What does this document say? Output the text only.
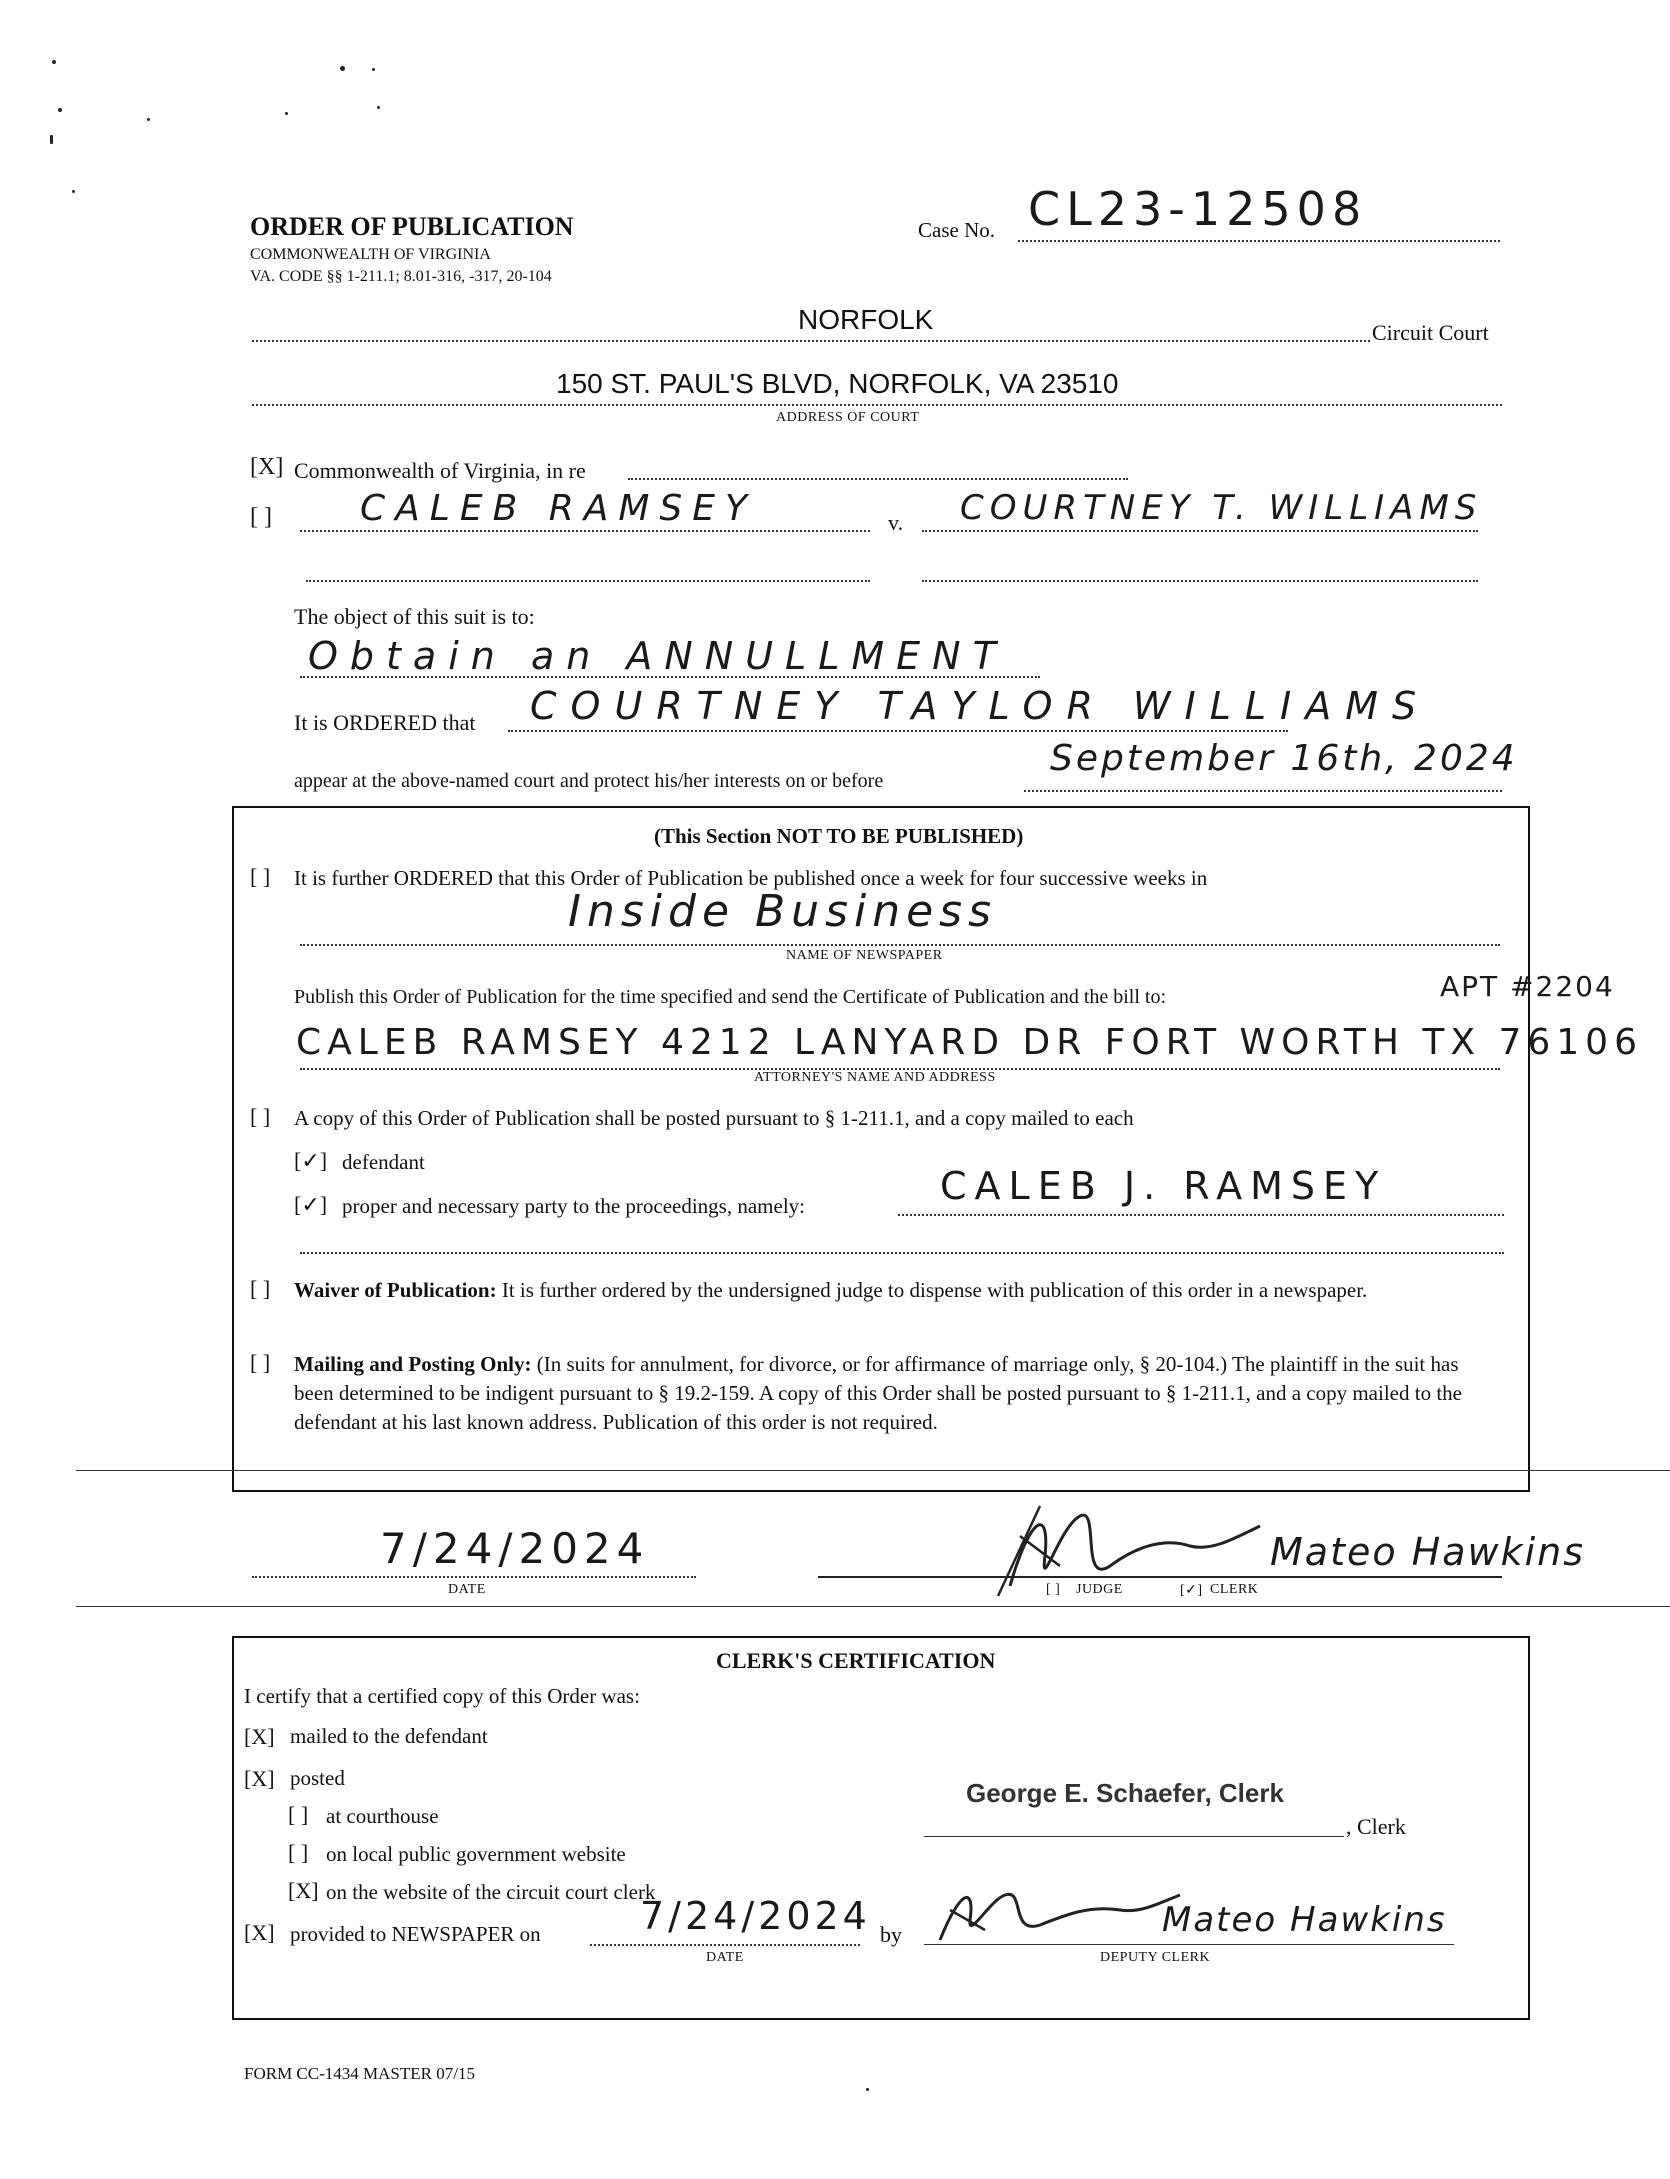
ORDER OF PUBLICATION
COMMONWEALTH OF VIRGINIA
VA. CODE §§ 1-211.1; 8.01-316, -317, 20-104
Case No. CL23-12508
NORFOLK	Circuit Court
150 ST. PAUL'S BLVD, NORFOLK, VA 23510
ADDRESS OF COURT
[X] Commonwealth of Virginia, in re
[ ] CALEB RAMSEY	v. COURTNEY T. WILLIAMS
The object of this suit is to:
Obtain an ANNULLMENT
It is ORDERED that COURTNEY TAYLOR WILLIAMS
appear at the above-named court and protect his/her interests on or before
September 16th, 2024
(This Section NOT TO BE PUBLISHED)
[ ] It is further ORDERED that this Order of Publication be published once a week for four successive weeks in
Inside Business
NAME OF NEWSPAPER
Publish this Order of Publication for the time specified and send the Certificate of Publication and the bill to:	APT #2204
CALEB RAMSEY 4212 LANYARD DR FORT WORTH TX 76106
ATTORNEY'S NAME AND ADDRESS
[ ] A copy of this Order of Publication shall be posted pursuant to § 1-211.1, and a copy mailed to each
[✓] defendant
[✓] proper and necessary party to the proceedings, namely:	CALEB J. RAMSEY
[ ] Waiver of Publication: It is further ordered by the undersigned judge to dispense with publication of this order in a newspaper.
[ ] Mailing and Posting Only: (In suits for annulment, for divorce, or for affirmance of marriage only, § 20-104.) The plaintiff in the suit has been determined to be indigent pursuant to § 19.2-159. A copy of this Order shall be posted pursuant to § 1-211.1, and a copy mailed to the defendant at his last known address. Publication of this order is not required.
7/24/2024
DATE
Mateo Hawkins
[ ] JUDGE	[✓] CLERK
CLERK'S CERTIFICATION
I certify that a certified copy of this Order was:
[X] mailed to the defendant
[X] posted
[ ] at courthouse
[ ] on local public government website
[X] on the website of the circuit court clerk
[X] provided to NEWSPAPER on	7/24/2024
DATE
by
George E. Schaefer, Clerk
, Clerk
Mateo Hawkins
DEPUTY CLERK
FORM CC-1434 MASTER 07/15
